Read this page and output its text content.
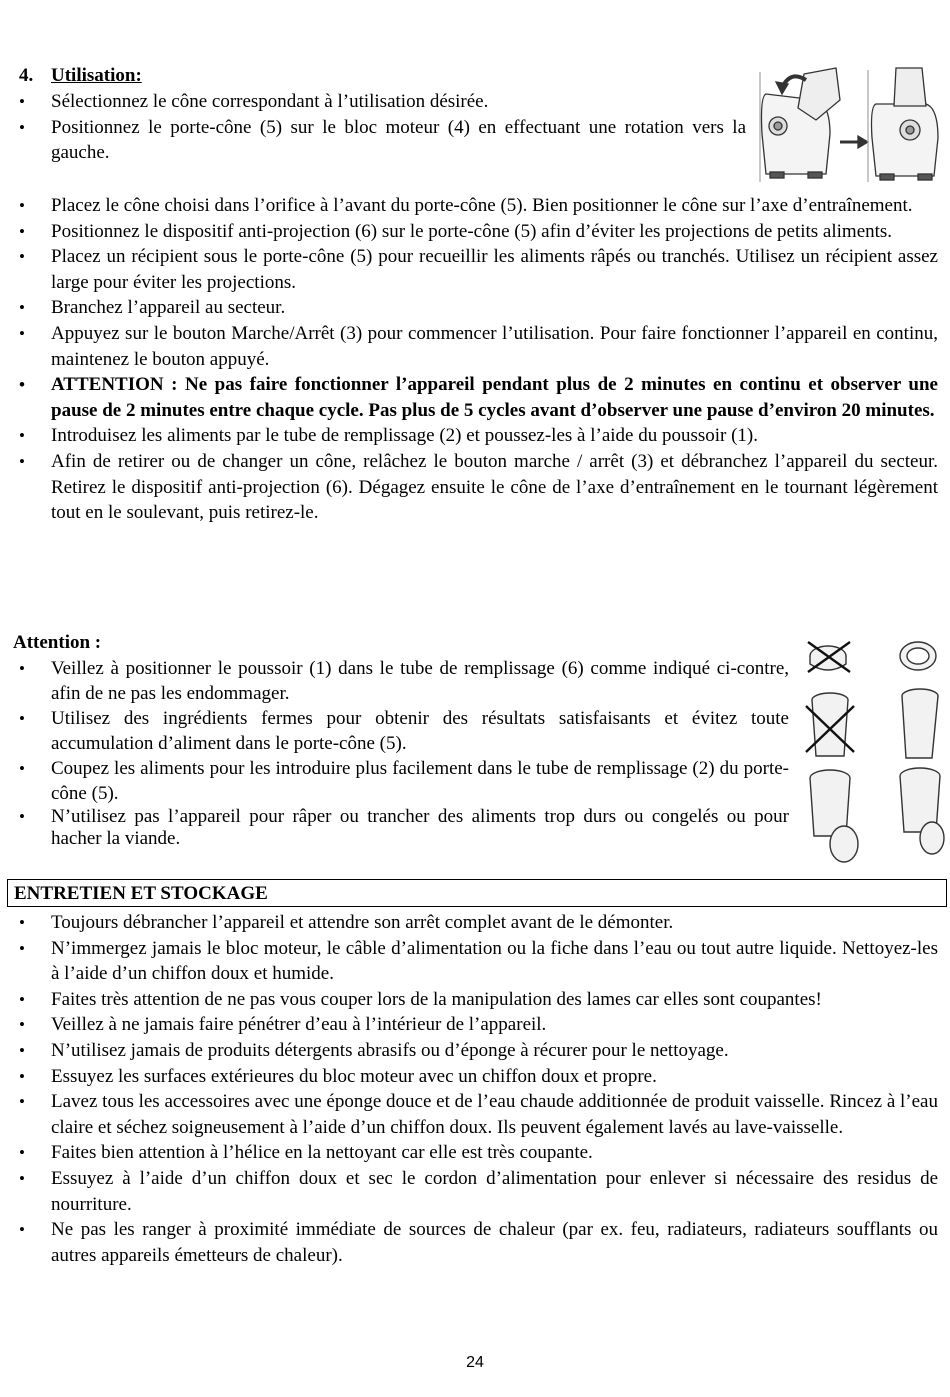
4. Utilisation:
• Sélectionnez le cône correspondant à l’utilisation désirée.
• Positionnez le porte-cône (5) sur le bloc moteur (4) en effectuant une rotation vers la gauche.
• Placez le cône choisi dans l’orifice à l’avant du porte-cône (5). Bien positionner le cône sur l’axe d’entraînement.
• Positionnez le dispositif anti-projection (6) sur le porte-cône (5) afin d’éviter les projections de petits aliments.
• Placez un récipient sous le porte-cône (5) pour recueillir les aliments râpés ou tranchés. Utilisez un récipient assez large pour éviter les projections.
• Branchez l’appareil au secteur.
• Appuyez sur le bouton Marche/Arrêt (3) pour commencer l’utilisation. Pour faire fonctionner l’appareil en continu, maintenez le bouton appuyé.
• ATTENTION : Ne pas faire fonctionner l’appareil pendant plus de 2 minutes en continu et observer une pause de 2 minutes entre chaque cycle. Pas plus de 5 cycles avant d’observer une pause d’environ 20 minutes.
• Introduisez les aliments par le tube de remplissage (2) et poussez-les à l’aide du poussoir (1).
• Afin de retirer ou de changer un cône, relâchez le bouton marche / arrêt (3) et débranchez l’appareil du secteur. Retirez le dispositif anti-projection (6). Dégagez ensuite le cône de l’axe d’entraînement en le tournant légèrement tout en le soulevant, puis retirez-le.
Attention :
• Veillez à positionner le poussoir (1) dans le tube de remplissage (6) comme indiqué ci-contre, afin de ne pas les endommager.
• Utilisez des ingrédients fermes pour obtenir des résultats satisfaisants et évitez toute accumulation d’aliment dans le porte-cône (5).
• Coupez les aliments pour les introduire plus facilement dans le tube de remplissage (2) du porte-cône (5).
• N’utilisez pas l’appareil pour râper ou trancher des aliments trop durs ou congelés ou pour hacher la viande.
ENTRETIEN ET STOCKAGE
• Toujours débrancher l’appareil et attendre son arrêt complet avant de le démonter.
• N’immergez jamais le bloc moteur, le câble d’alimentation ou la fiche dans l’eau ou tout autre liquide. Nettoyez-les à l’aide d’un chiffon doux et humide.
• Faites très attention de ne pas vous couper lors de la manipulation des lames car elles sont coupantes!
• Veillez à ne jamais faire pénétrer d’eau à l’intérieur de l’appareil.
• N’utilisez jamais de produits détergents abrasifs ou d’éponge à récurer pour le nettoyage.
• Essuyez les surfaces extérieures du bloc moteur avec un chiffon doux et propre.
• Lavez tous les accessoires avec une éponge douce et de l’eau chaude additionnée de produit vaisselle. Rincez à l’eau claire et séchez soigneusement à l’aide d’un chiffon doux. Ils peuvent également lavés au lave-vaisselle.
• Faites bien attention à l’hélice en la nettoyant car elle est très coupante.
• Essuyez à l’aide d’un chiffon doux et sec le cordon d’alimentation pour enlever si nécessaire des residus de nourriture.
• Ne pas les ranger à proximité immédiate de sources de chaleur (par ex. feu, radiateurs, radiateurs soufflants ou autres appareils émetteurs de chaleur).
24
